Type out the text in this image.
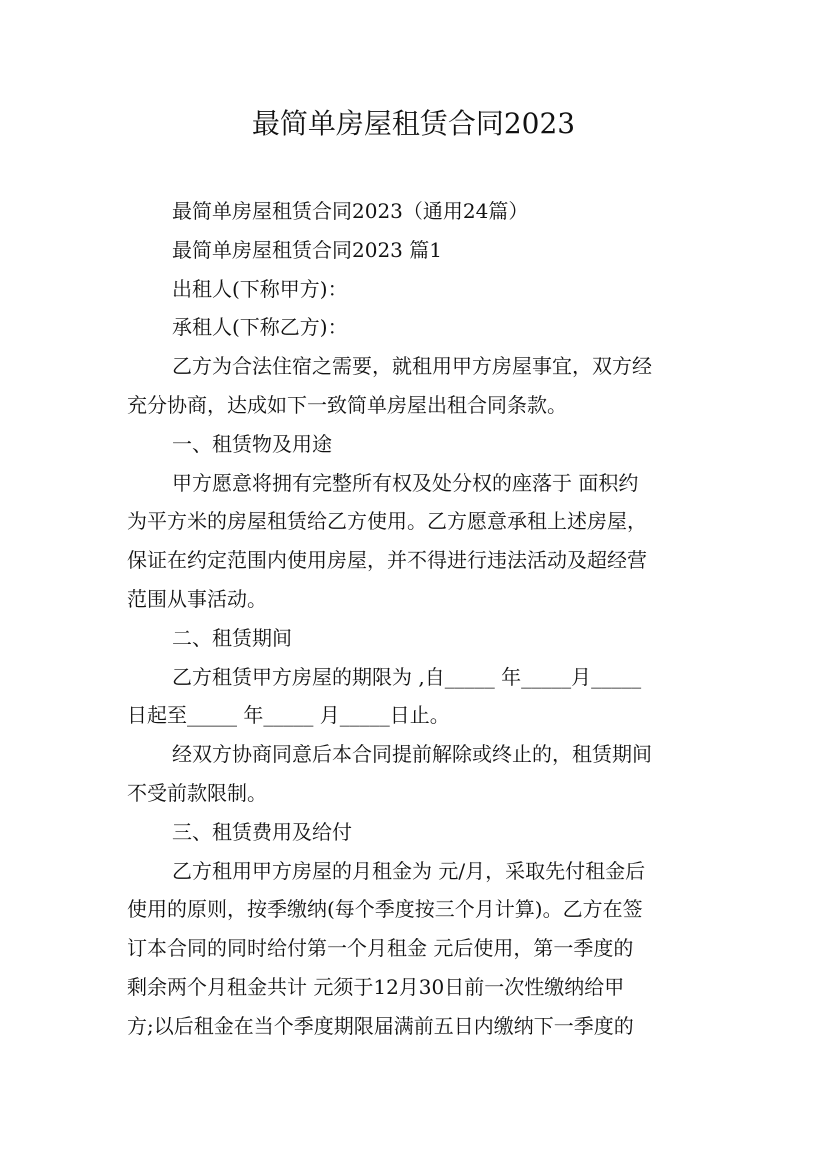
最简单房屋租赁合同2023
最简单房屋租赁合同2023（通用24篇）
最简单房屋租赁合同2023 篇1
出租人(下称甲方)：
承租人(下称乙方)：
乙方为合法住宿之需要，就租用甲方房屋事宜，双方经
充分协商，达成如下一致简单房屋出租合同条款。
一、租赁物及用途
甲方愿意将拥有完整所有权及处分权的座落于 面积约
为平方米的房屋租赁给乙方使用。乙方愿意承租上述房屋，
保证在约定范围内使用房屋，并不得进行违法活动及超经营
范围从事活动。
二、租赁期间
乙方租赁甲方房屋的期限为 ,自_____ 年_____月_____
日起至_____ 年_____ 月_____日止。
经双方协商同意后本合同提前解除或终止的，租赁期间
不受前款限制。
三、租赁费用及给付
乙方租用甲方房屋的月租金为 元/月，采取先付租金后
使用的原则，按季缴纳(每个季度按三个月计算)。乙方在签
订本合同的同时给付第一个月租金 元后使用，第一季度的
剩余两个月租金共计 元须于12月30日前一次性缴纳给甲
方;以后租金在当个季度期限届满前五日内缴纳下一季度的
